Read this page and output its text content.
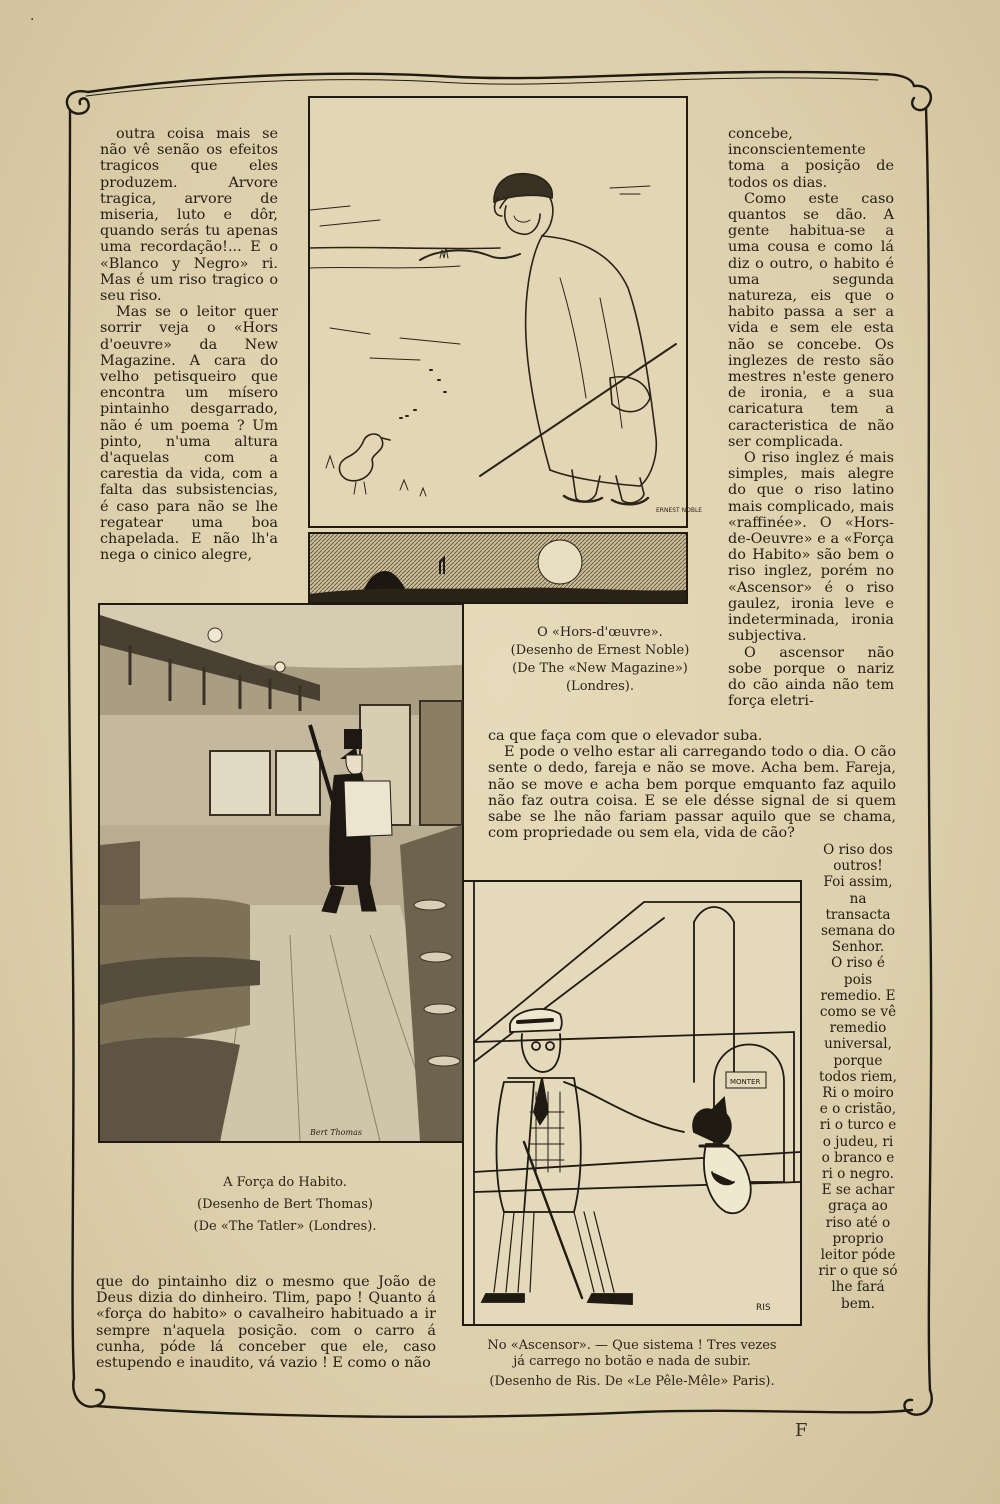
·

outra coisa mais se não vê senão os efeitos tragicos que eles produzem. Arvore tragica, arvore de miseria, luto e dôr, quando serás tu apenas uma recordação!... E o «Blanco y Negro» ri. Mas é um riso tragico o seu riso.

Mas se o leitor quer sorrir veja o «Hors d'oeuvre» da New Magazine. A cara do velho petisqueiro que encontra um mísero pintainho desgarrado, não é um poema ? Um pinto, n'uma altura d'aquelas com a carestia da vida, com a falta das subsistencias, é caso para não se lhe regatear uma boa chapelada. E não lh'a nega o cinico alegre,

concebe, inconscientemente toma a posição de todos os dias.

Como este caso quantos se dão. A gente habitua-se a uma cousa e como lá diz o outro, o habito é uma segunda natureza, eis que o habito passa a ser a vida e sem ele esta não se concebe. Os inglezes de resto são mestres n'este genero de ironia, e a sua caricatura tem a caracteristica de não ser complicada.

O riso inglez é mais simples, mais alegre do que o riso latino mais complicado, mais «raffinée». O «Hors-de-Oeuvre» e a «Força do Habito» são bem o riso inglez, porém no «Ascensor» é o riso gaulez, ironia leve e indeterminada, ironia subjectiva.

O ascensor não sobe porque o nariz do cão ainda não tem força eletri-

ca que faça com que o elevador suba.

E pode o velho estar ali carregando todo o dia. O cão sente o dedo, fareja e não se move. Acha bem. Fareja, não se move e acha bem porque emquanto faz aquilo não faz outra coisa. E se ele désse signal de si quem sabe se lhe não fariam passar aquilo que se chama, com propriedade ou sem ela, vida de cão?

O riso dos outros!

Foi assim, na transacta semana do Senhor.

O riso é pois remedio. E como se vê remedio universal, porque todos riem, Ri o moiro e o cristão, ri o turco e o judeu, ri o branco e ri o negro. E se achar graça ao riso até o proprio leitor póde rir o que só lhe fará bem.

que do pintainho diz o mesmo que João de Deus dizia do dinheiro. Tlim, papo ! Quanto á «força do habito» o cavalheiro habituado a ir sempre n'aquela posição. com o carro á cunha, póde lá conceber que ele, caso estupendo e inaudito, vá vazio ! E como o não

O «Hors-d'œuvre».
(Desenho de Ernest Noble)
(De The «New Magazine»)
(Londres).
A Força do Habito.
(Desenho de Bert Thomas)
(De «The Tatler» (Londres).
No «Ascensor». — Que sistema ! Tres vezes
já carrego no botão e nada de subir.
(Desenho de Ris. De «Le Pêle-Mêle» Paris).
ERNEST NOBLE
Bert Thomas
MONTER
RIS
F
